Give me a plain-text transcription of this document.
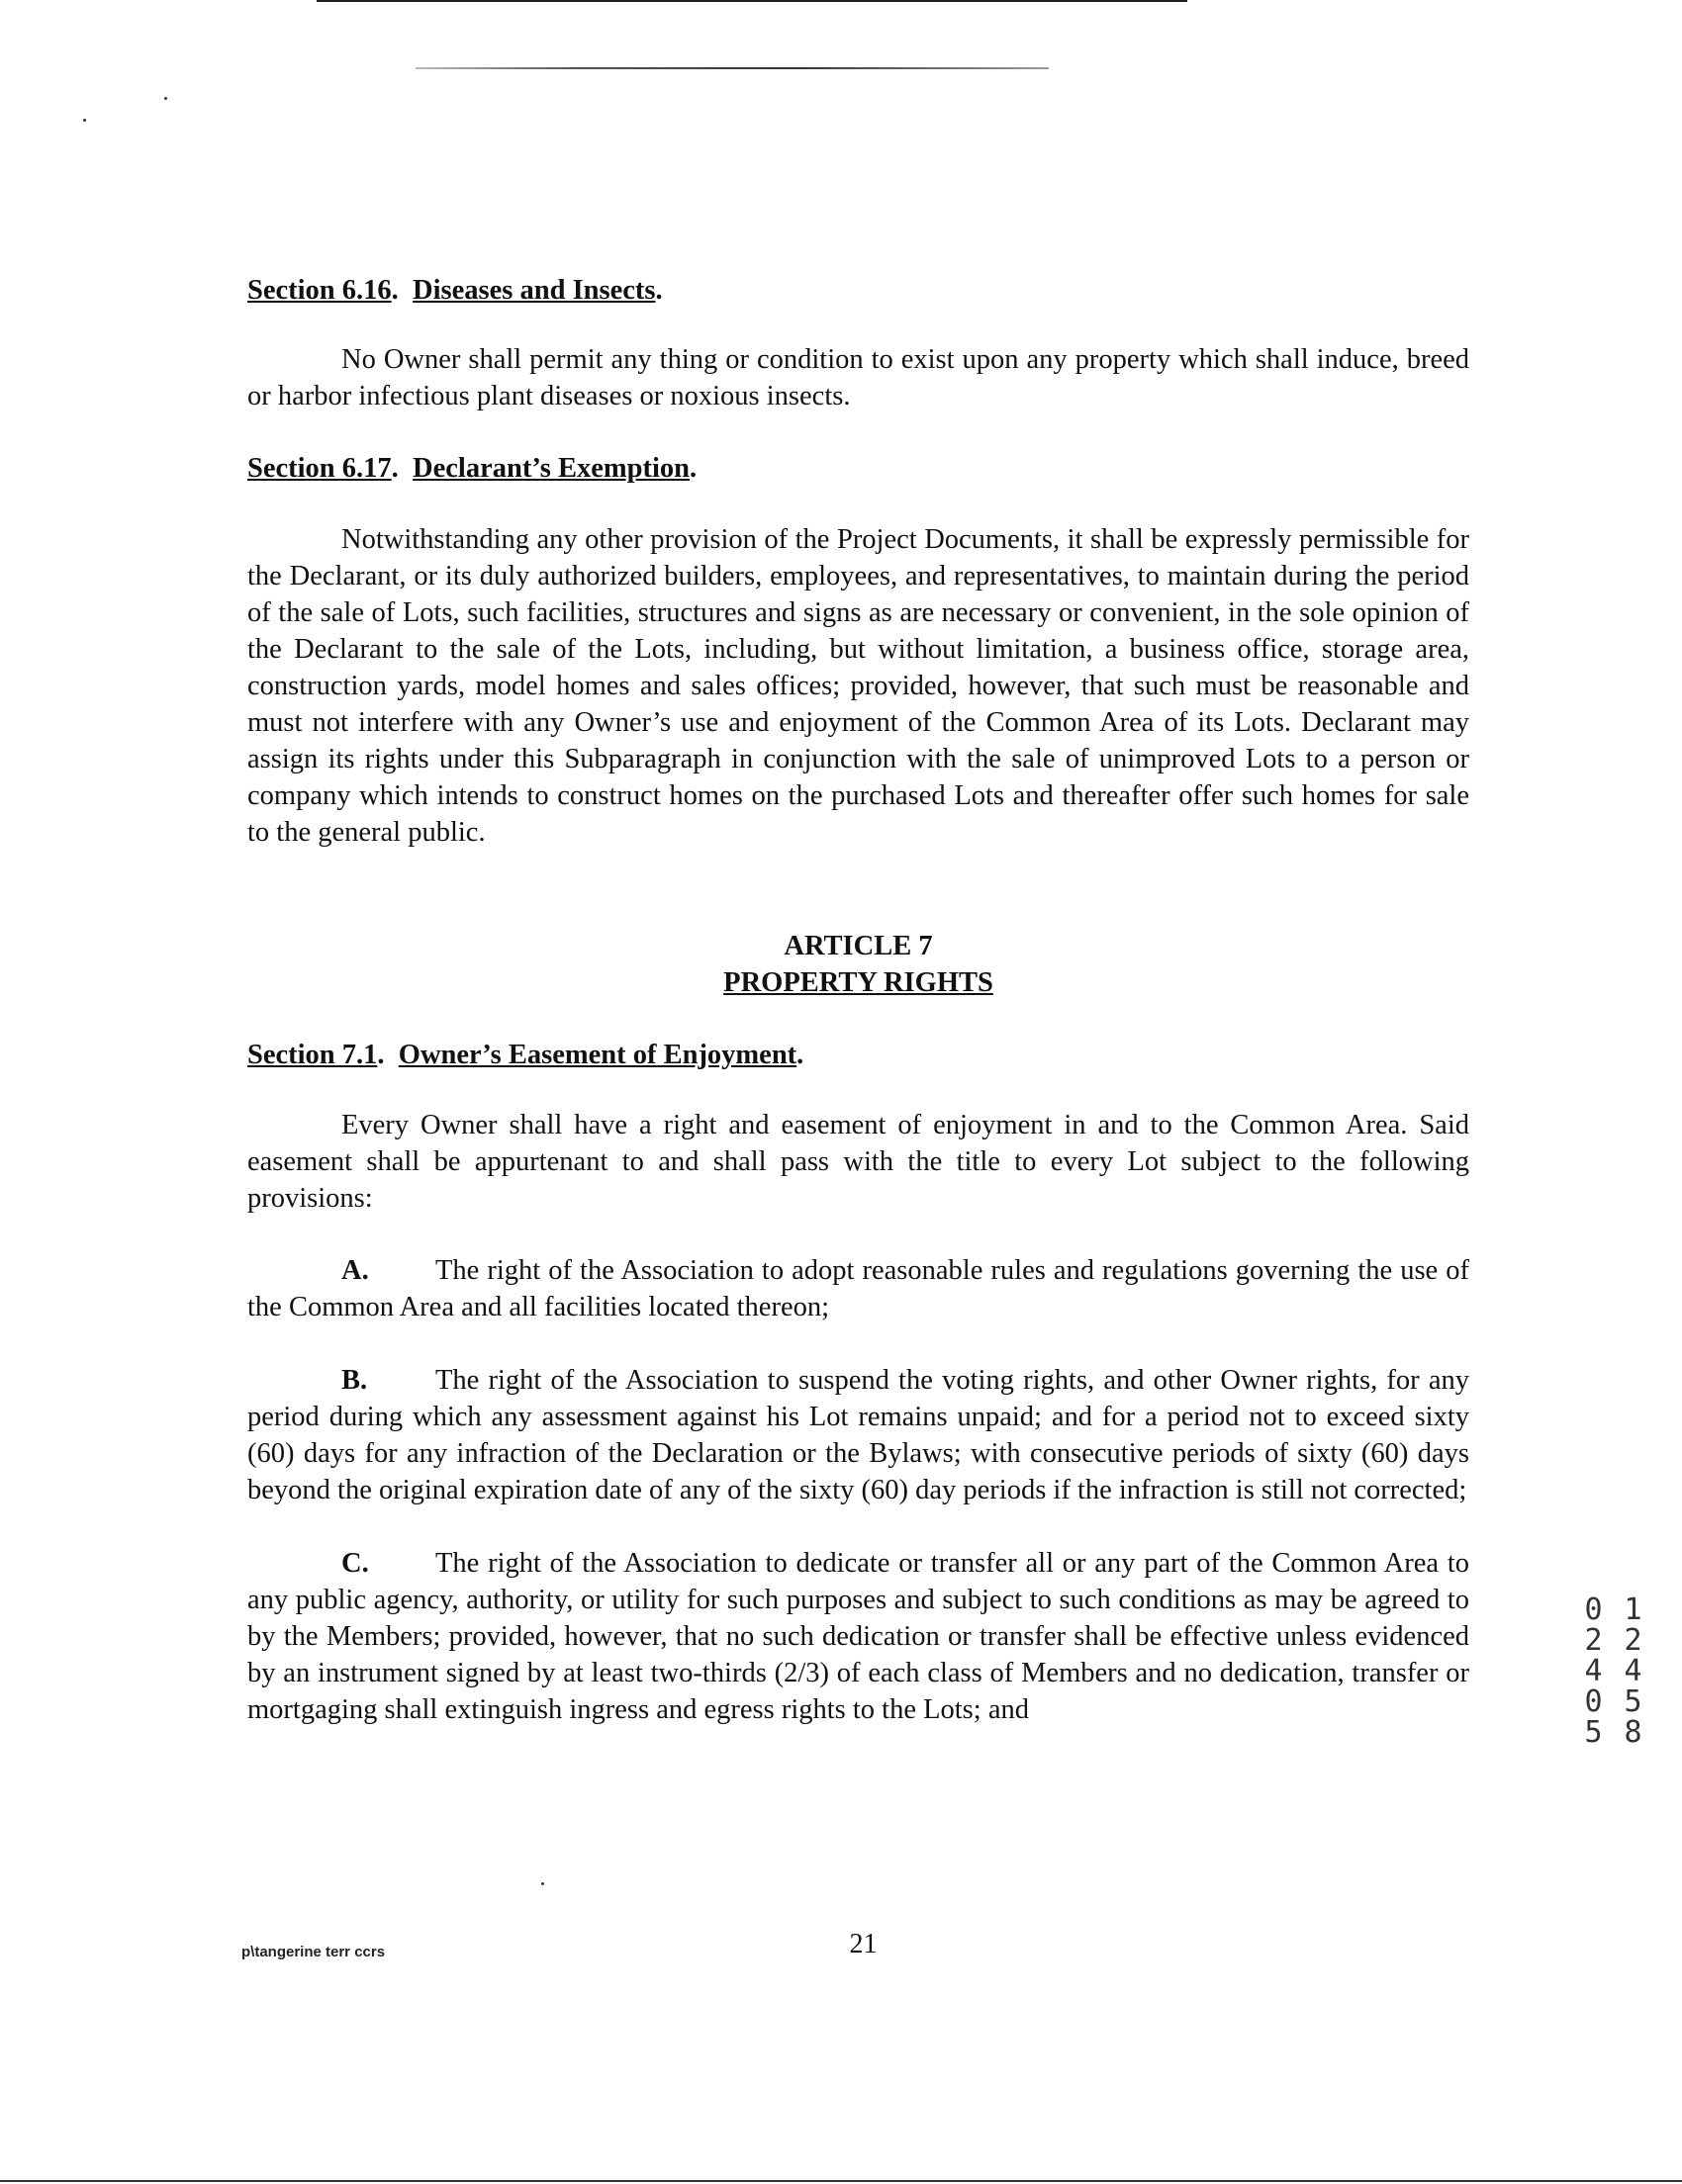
Section 6.16.  Diseases and Insects.

No Owner shall permit any thing or condition to exist upon any property which shall induce, breed or harbor infectious plant diseases or noxious insects.

Section 6.17.  Declarant’s Exemption.

Notwithstanding any other provision of the Project Documents, it shall be expressly permissible for the Declarant, or its duly authorized builders, employees, and representatives, to maintain during the period of the sale of Lots, such facilities, structures and signs as are necessary or convenient, in the sole opinion of the Declarant to the sale of the Lots, including, but without limitation, a business office, storage area, construction yards, model homes and sales offices; provided, however, that such must be reasonable and must not interfere with any Owner’s use and enjoyment of the Common Area of its Lots. Declarant may assign its rights under this Subparagraph in conjunction with the sale of unimproved Lots to a person or company which intends to construct homes on the purchased Lots and thereafter offer such homes for sale to the general public.

ARTICLE 7
PROPERTY RIGHTS

Section 7.1.  Owner’s Easement of Enjoyment.

Every Owner shall have a right and easement of enjoyment in and to the Common Area. Said easement shall be appurtenant to and shall pass with the title to every Lot subject to the following provisions:

A. The right of the Association to adopt reasonable rules and regulations governing the use of the Common Area and all facilities located thereon;

B. The right of the Association to suspend the voting rights, and other Owner rights, for any period during which any assessment against his Lot remains unpaid; and for a period not to exceed sixty (60) days for any infraction of the Declaration or the Bylaws; with consecutive periods of sixty (60) days beyond the original expiration date of any of the sixty (60) day periods if the infraction is still not corrected;

C. The right of the Association to dedicate or transfer all or any part of the Common Area to any public agency, authority, or utility for such purposes and subject to such conditions as may be agreed to by the Members; provided, however, that no such dedication or transfer shall be effective unless evidenced by an instrument signed by at least two-thirds (2/3) of each class of Members and no dedication, transfer or mortgaging shall extinguish ingress and egress rights to the Lots; and

p\tangerine terr ccrs	21
12458 02405
